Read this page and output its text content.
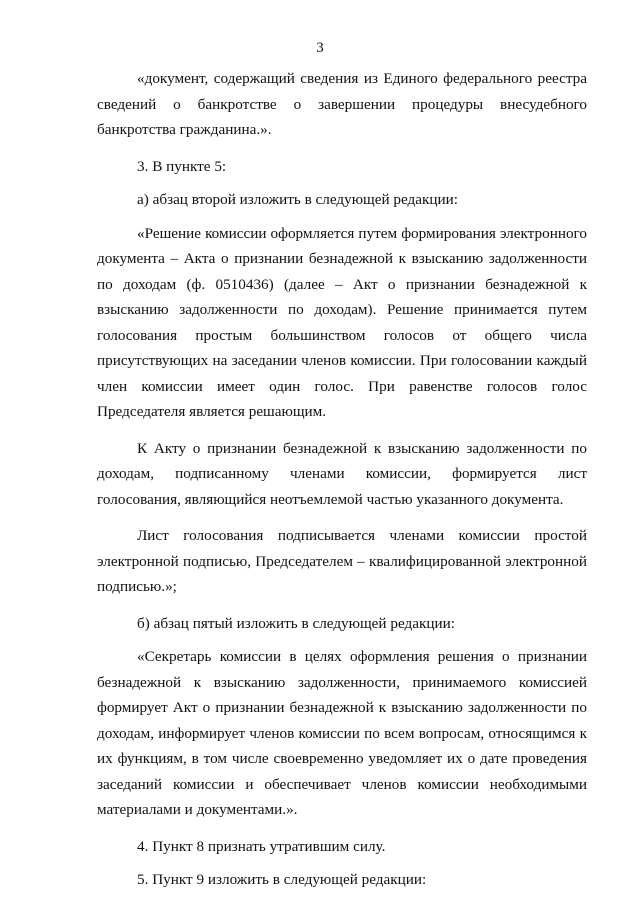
3

«документ, содержащий сведения из Единого федерального реестра сведений о банкротстве о завершении процедуры внесудебного банкротства гражданина.».

3. В пункте 5:

а) абзац второй изложить в следующей редакции:

«Решение комиссии оформляется путем формирования электронного документа – Акта о признании безнадежной к взысканию задолженности по доходам (ф. 0510436) (далее – Акт о признании безнадежной к взысканию задолженности по доходам). Решение принимается путем голосования простым большинством голосов от общего числа присутствующих на заседании членов комиссии. При голосовании каждый член комиссии имеет один голос. При равенстве голосов голос Председателя является решающим.

К Акту о признании безнадежной к взысканию задолженности по доходам, подписанному членами комиссии, формируется лист голосования, являющийся неотъемлемой частью указанного документа.

Лист голосования подписывается членами комиссии простой электронной подписью, Председателем – квалифицированной электронной подписью.»;

б) абзац пятый изложить в следующей редакции:

«Секретарь комиссии в целях оформления решения о признании безнадежной к взысканию задолженности, принимаемого комиссией формирует Акт о признании безнадежной к взысканию задолженности по доходам, информирует членов комиссии по всем вопросам, относящимся к их функциям, в том числе своевременно уведомляет их о дате проведения заседаний комиссии и обеспечивает членов комиссии необходимыми материалами и документами.».

4. Пункт 8 признать утратившим силу.

5. Пункт 9 изложить в следующей редакции:
